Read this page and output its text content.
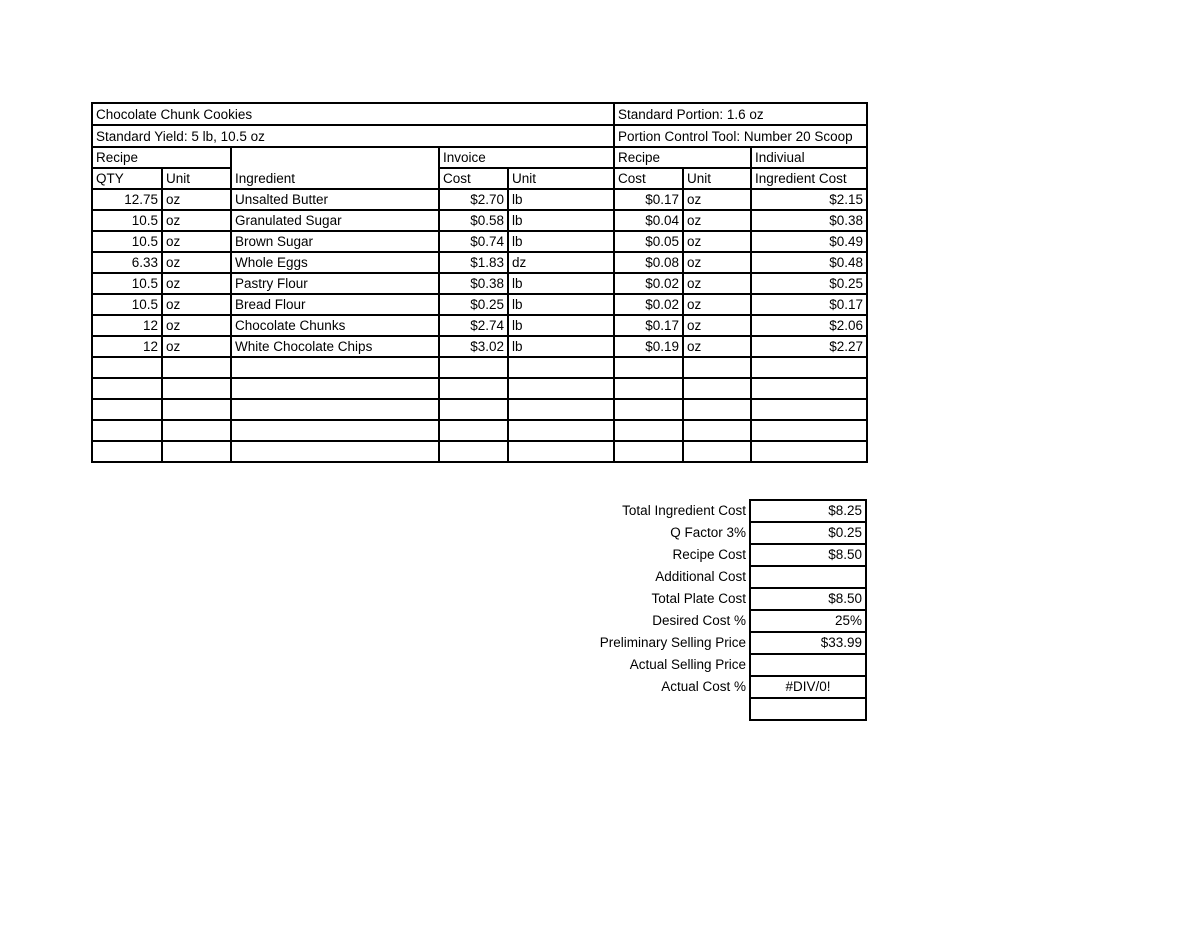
Chocolate Chunk Cookies					Standard Portion: 1.6 oz		
Standard Yield: 5 lb, 10.5 oz					Portion Control Tool: Number 20 Scoop		
Recipe			Invoice		Recipe		Indiviual
QTY	Unit	Ingredient	Cost	Unit	Cost	Unit	Ingredient Cost
12.75	oz	Unsalted Butter	$2.70	lb	$0.17	oz	$2.15
10.5	oz	Granulated Sugar	$0.58	lb	$0.04	oz	$0.38
10.5	oz	Brown Sugar	$0.74	lb	$0.05	oz	$0.49
6.33	oz	Whole Eggs	$1.83	dz	$0.08	oz	$0.48
10.5	oz	Pastry Flour	$0.38	lb	$0.02	oz	$0.25
10.5	oz	Bread Flour	$0.25	lb	$0.02	oz	$0.17
12	oz	Chocolate Chunks	$2.74	lb	$0.17	oz	$2.06
12	oz	White Chocolate Chips	$3.02	lb	$0.19	oz	$2.27

Total Ingredient Cost	$8.25
Q Factor 3%	$0.25
Recipe Cost	$8.50
Additional Cost	
Total Plate Cost	$8.50
Desired Cost %	25%
Preliminary Selling Price	$33.99
Actual Selling Price	
Actual Cost %	#DIV/0!
